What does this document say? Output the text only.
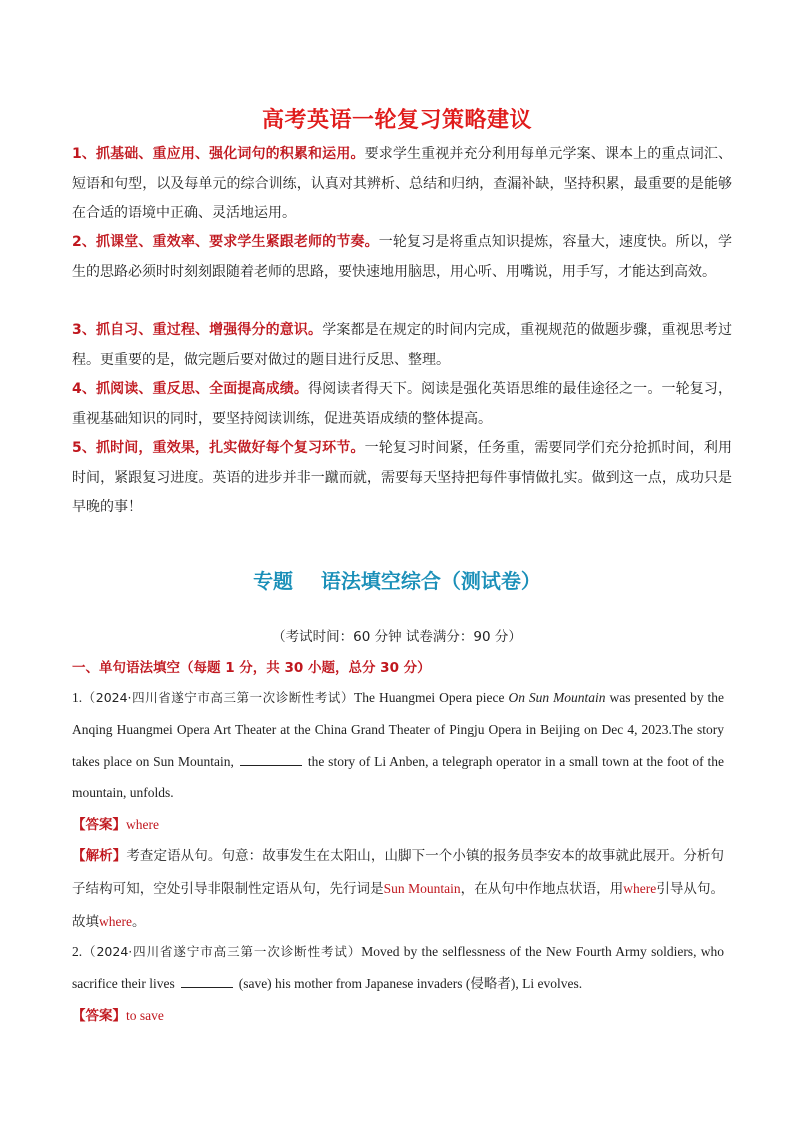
高考英语一轮复习策略建议
1、抓基础、重应用、强化词句的积累和运用。要求学生重视并充分利用每单元学案、课本上的重点词汇、短语和句型，以及每单元的综合训练，认真对其辨析、总结和归纳，查漏补缺，坚持积累，最重要的是能够在合适的语境中正确、灵活地运用。
2、抓课堂、重效率、要求学生紧跟老师的节奏。一轮复习是将重点知识提炼，容量大，速度快。所以，学生的思路必须时时刻刻跟随着老师的思路，要快速地用脑思，用心听、用嘴说，用手写，才能达到高效。
3、抓自习、重过程、增强得分的意识。学案都是在规定的时间内完成，重视规范的做题步骤，重视思考过程。更重要的是，做完题后要对做过的题目进行反思、整理。
4、抓阅读、重反思、全面提高成绩。得阅读者得天下。阅读是强化英语思维的最佳途径之一。一轮复习，重视基础知识的同时，要坚持阅读训练，促进英语成绩的整体提高。
5、抓时间，重效果，扎实做好每个复习环节。一轮复习时间紧，任务重，需要同学们充分抢抓时间，利用时间，紧跟复习进度。英语的进步并非一蹴而就，需要每天坚持把每件事情做扎实。做到这一点，成功只是早晚的事！
专题    语法填空综合（测试卷）
（考试时间：60 分钟 试卷满分：90 分）
一、单句语法填空（每题 1 分，共 30 小题，总分 30 分）
1.（2024·四川省遂宁市高三第一次诊断性考试）The Huangmei Opera piece On Sun Mountain was presented by the Anqing Huangmei Opera Art Theater at the China Grand Theater of Pingju Opera in Beijing on Dec 4, 2023.The story takes place on Sun Mountain,	the story of Li Anben, a telegraph operator in a small town at the foot of the mountain, unfolds.
【答案】where
【解析】考查定语从句。句意：故事发生在太阳山，山脚下一个小镇的报务员李安本的故事就此展开。分析句子结构可知，空处引导非限制性定语从句，先行词是Sun Mountain，在从句中作地点状语，用where引导从句。故填where。
2.（2024·四川省遂宁市高三第一次诊断性考试）Moved by the selflessness of the New Fourth Army soldiers, who sacrifice their lives	(save) his mother from Japanese invaders (侵略者), Li evolves.
【答案】to save
